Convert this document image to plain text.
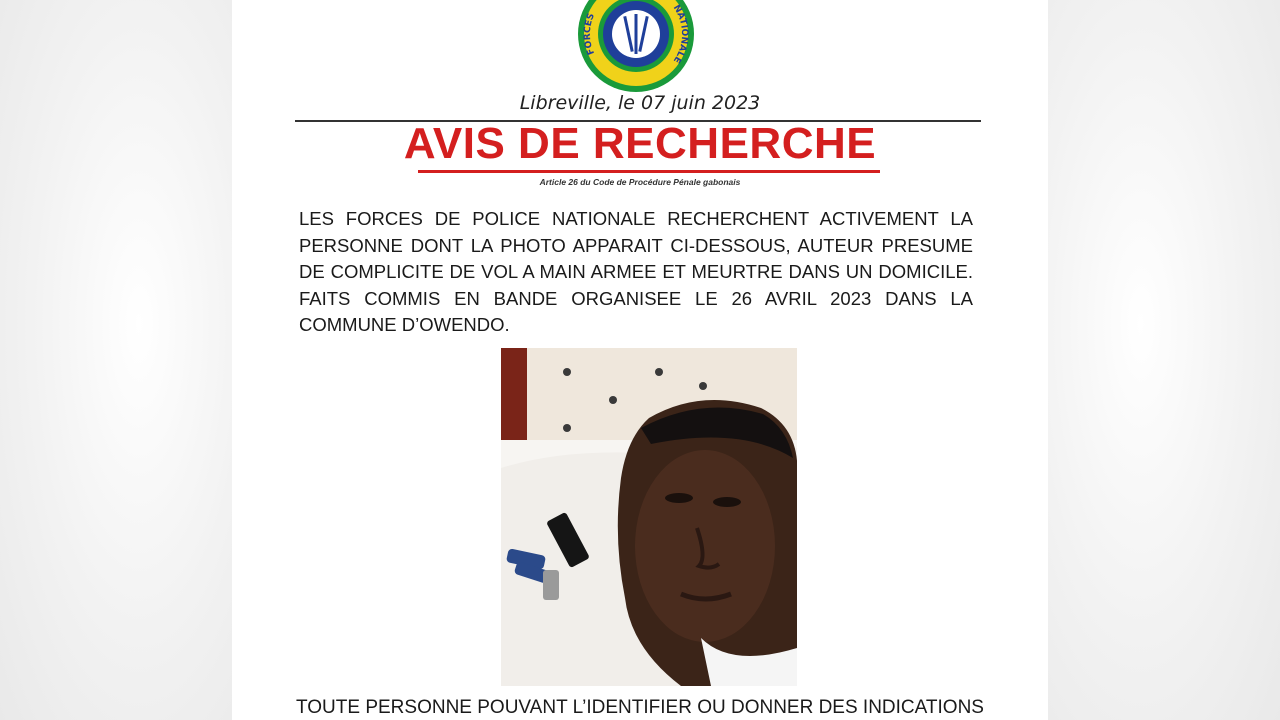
FORCES
NATIONALE
Libreville, le 07 juin 2023
AVIS DE RECHERCHE
Article 26 du Code de Procédure Pénale gabonais
LES FORCES DE POLICE NATIONALE RECHERCHENT ACTIVEMENT LA PERSONNE DONT LA PHOTO APPARAIT CI-DESSOUS, AUTEUR PRESUME DE COMPLICITE DE VOL A MAIN ARMEE ET MEURTRE DANS UN DOMICILE. FAITS COMMIS EN BANDE ORGANISEE LE 26 AVRIL 2023 DANS LA COMMUNE D’OWENDO.
TOUTE PERSONNE POUVANT L’IDENTIFIER OU DONNER DES INDICATIONS
